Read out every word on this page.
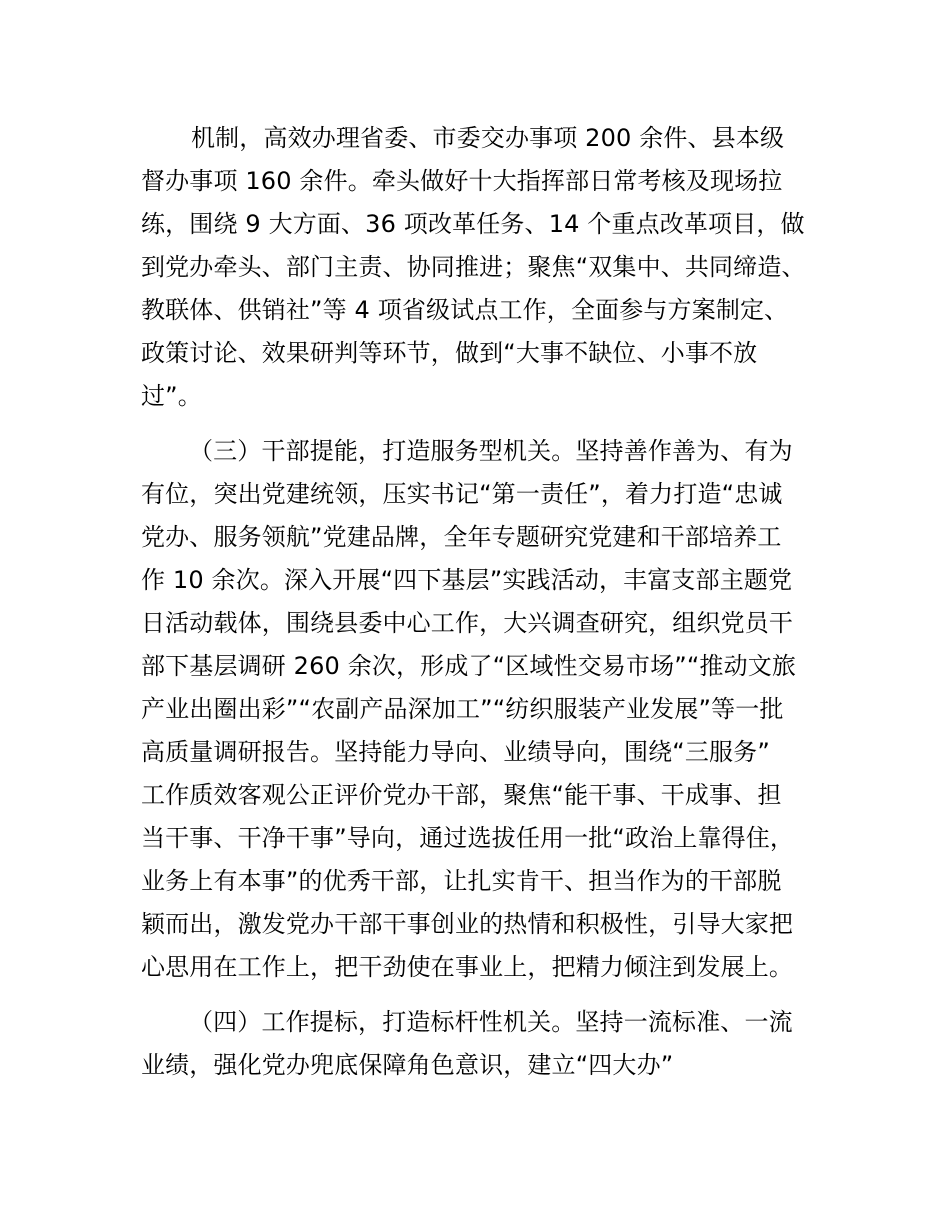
机制，高效办理省委、市委交办事项 200 余件、县本级
督办事项 160 余件。牵头做好十大指挥部日常考核及现场拉
练，围绕 9 大方面、36 项改革任务、14 个重点改革项目，做
到党办牵头、部门主责、协同推进；聚焦“双集中、共同缔造、
教联体、供销社”等 4 项省级试点工作，全面参与方案制定、
政策讨论、效果研判等环节，做到“大事不缺位、小事不放
过”。
（三）干部提能，打造服务型机关。坚持善作善为、有为
有位，突出党建统领，压实书记“第一责任”，着力打造“忠诚
党办、服务领航”党建品牌，全年专题研究党建和干部培养工
作 10 余次。深入开展“四下基层”实践活动，丰富支部主题党
日活动载体，围绕县委中心工作，大兴调查研究，组织党员干
部下基层调研 260 余次，形成了“区域性交易市场”“推动文旅
产业出圈出彩”“农副产品深加工”“纺织服装产业发展”等一批
高质量调研报告。坚持能力导向、业绩导向，围绕“三服务”
工作质效客观公正评价党办干部，聚焦“能干事、干成事、担
当干事、干净干事”导向，通过选拔任用一批“政治上靠得住，
业务上有本事”的优秀干部，让扎实肯干、担当作为的干部脱
颖而出，激发党办干部干事创业的热情和积极性，引导大家把
心思用在工作上，把干劲使在事业上，把精力倾注到发展上。
（四）工作提标，打造标杆性机关。坚持一流标准、一流
业绩，强化党办兜底保障角色意识，建立“四大办”
